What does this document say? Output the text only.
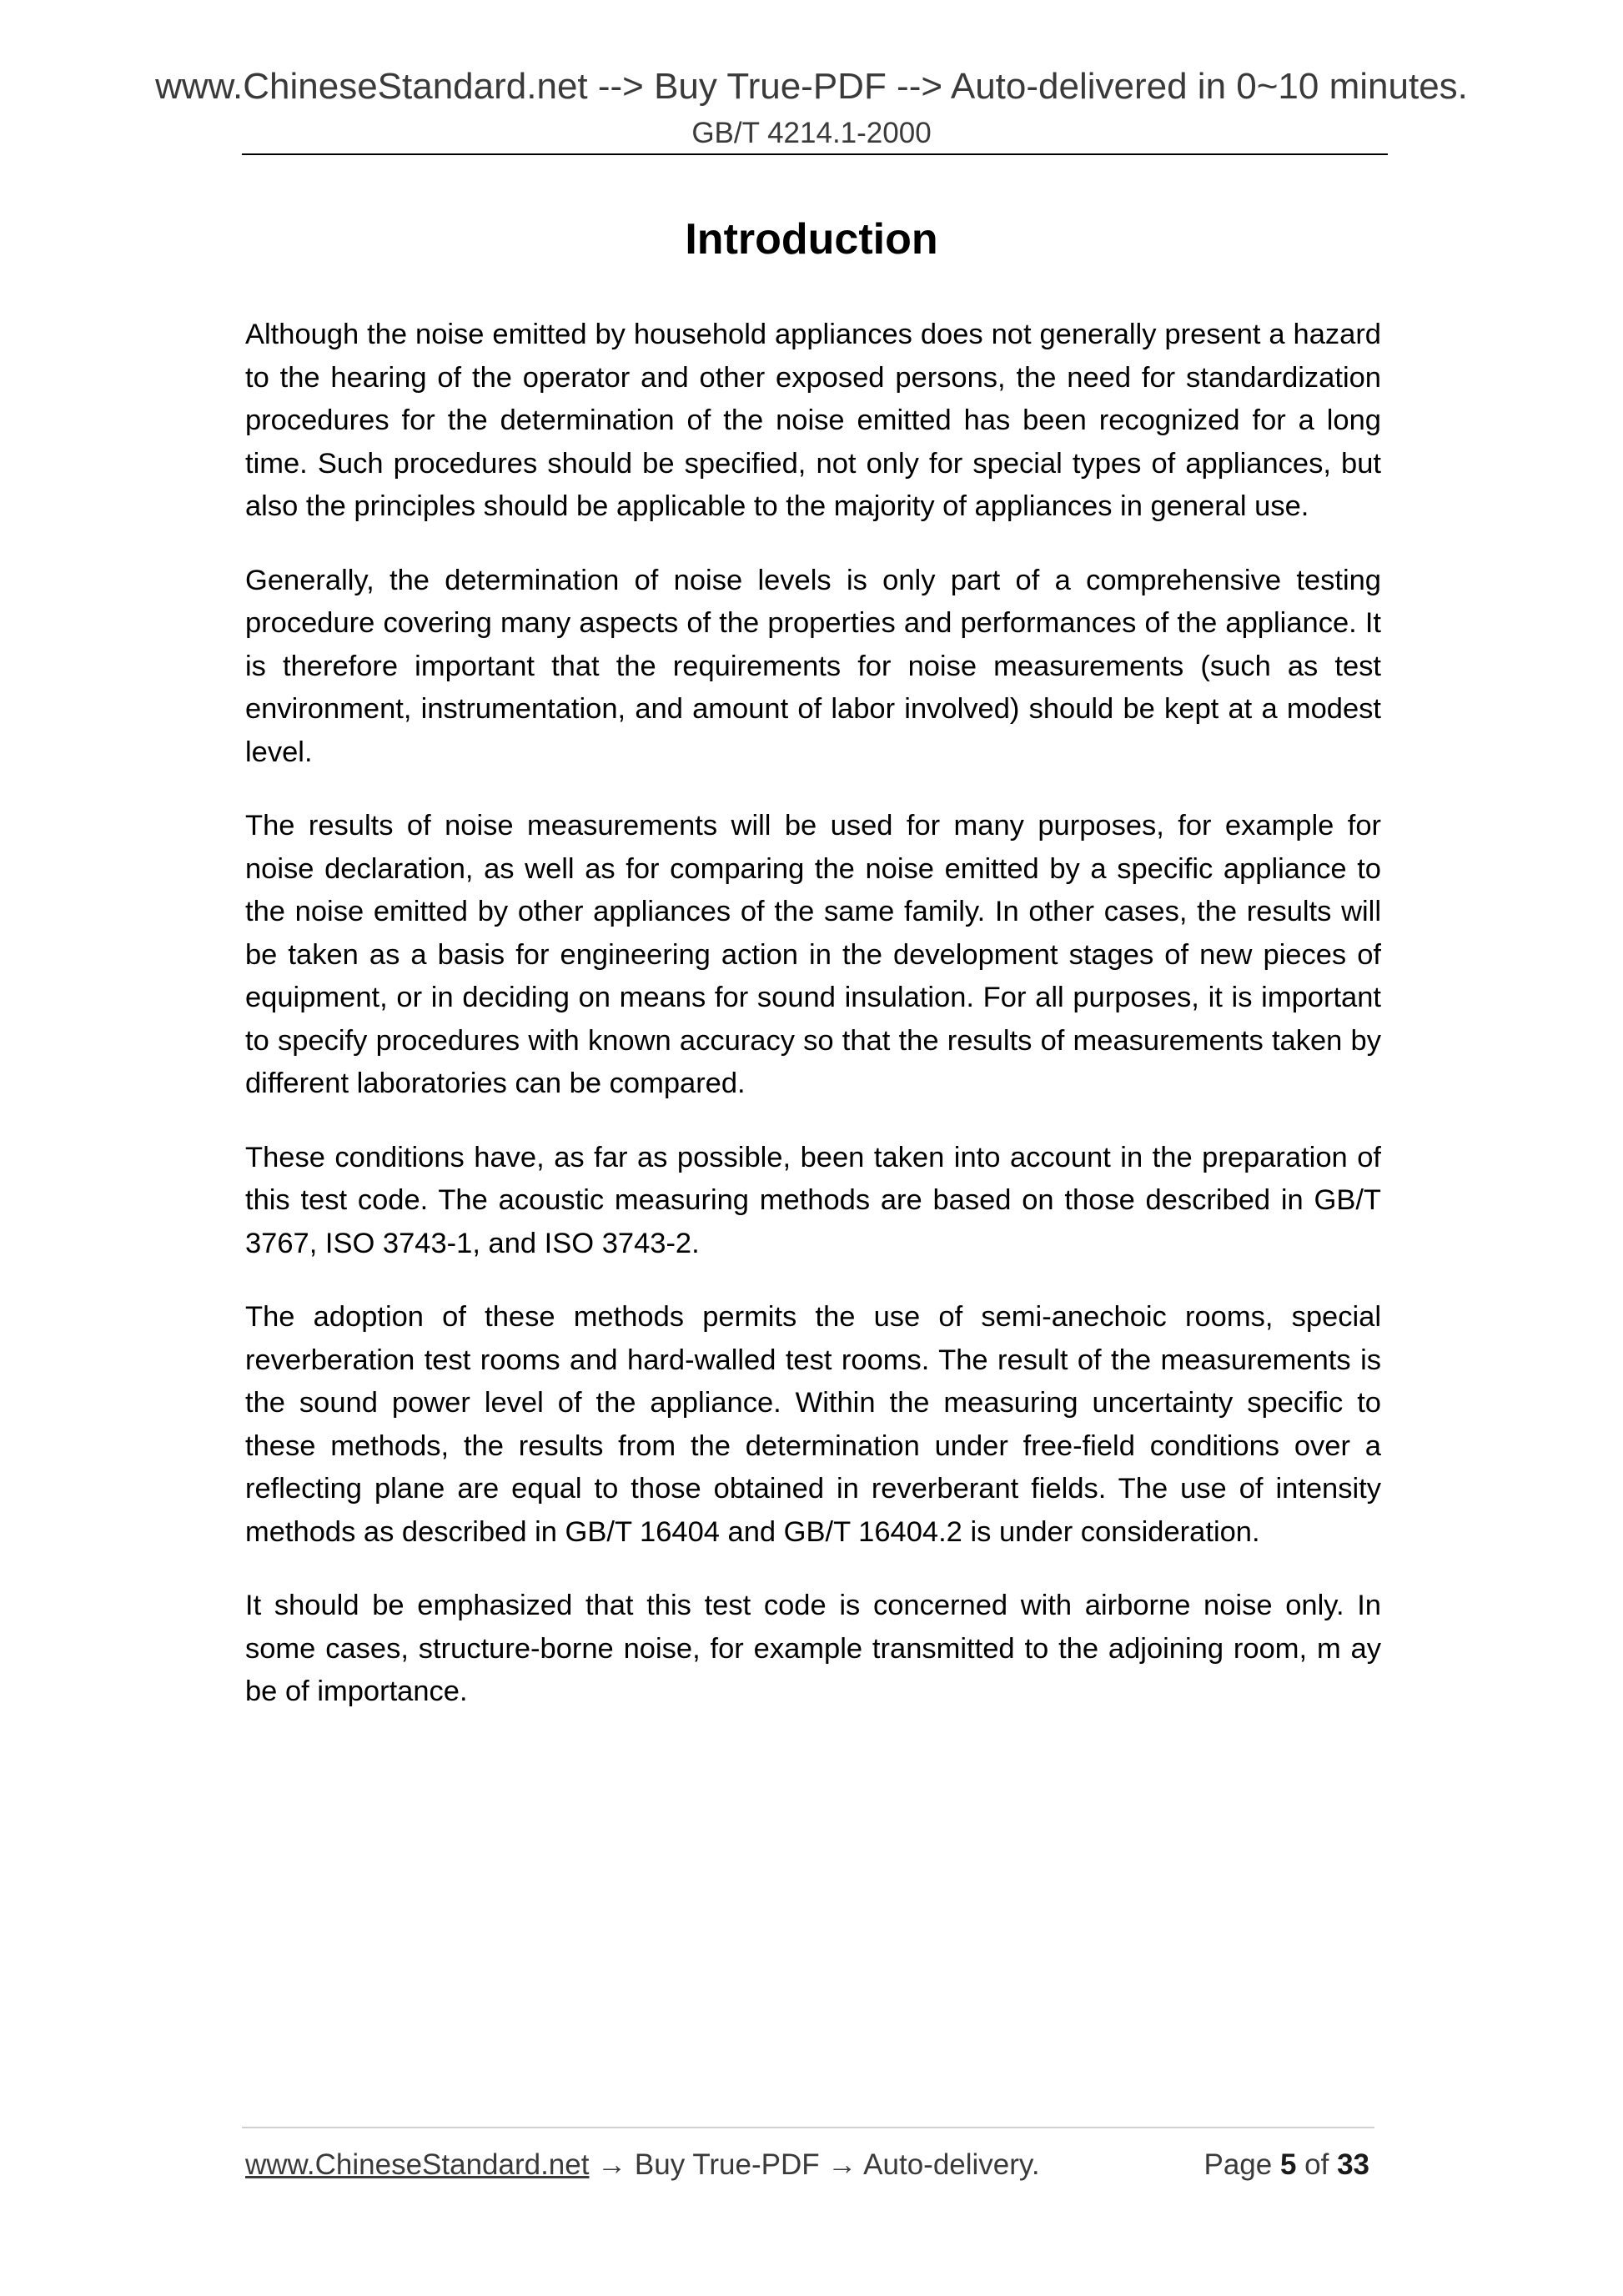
www.ChineseStandard.net --> Buy True-PDF --> Auto-delivered in 0~10 minutes.
GB/T 4214.1-2000
Introduction

Although the noise emitted by household appliances does not generally present a hazard to the hearing of the operator and other exposed persons, the need for standardization procedures for the determination of the noise emitted has been recognized for a long time. Such procedures should be specified, not only for special types of appliances, but also the principles should be applicable to the majority of appliances in general use.

Generally, the determination of noise levels is only part of a comprehensive testing procedure covering many aspects of the properties and performances of the appliance. It is therefore important that the requirements for noise measurements (such as test environment, instrumentation, and amount of labor involved) should be kept at a modest level.

The results of noise measurements will be used for many purposes, for example for noise declaration, as well as for comparing the noise emitted by a specific appliance to the noise emitted by other appliances of the same family. In other cases, the results will be taken as a basis for engineering action in the development stages of new pieces of equipment, or in deciding on means for sound insulation. For all purposes, it is important to specify procedures with known accuracy so that the results of measurements taken by different laboratories can be compared.

These conditions have, as far as possible, been taken into account in the preparation of this test code. The acoustic measuring methods are based on those described in GB/T 3767, ISO 3743-1, and ISO 3743-2.

The adoption of these methods permits the use of semi-anechoic rooms, special reverberation test rooms and hard-walled test rooms. The result of the measurements is the sound power level of the appliance. Within the measuring uncertainty specific to these methods, the results from the determination under free-field conditions over a reflecting plane are equal to those obtained in reverberant fields. The use of intensity methods as described in GB/T 16404 and GB/T 16404.2 is under consideration.

It should be emphasized that this test code is concerned with airborne noise only. In some cases, structure-borne noise, for example transmitted to the adjoining room, m ay be of importance.

www.ChineseStandard.net → Buy True-PDF → Auto-delivery.	Page 5 of 33
